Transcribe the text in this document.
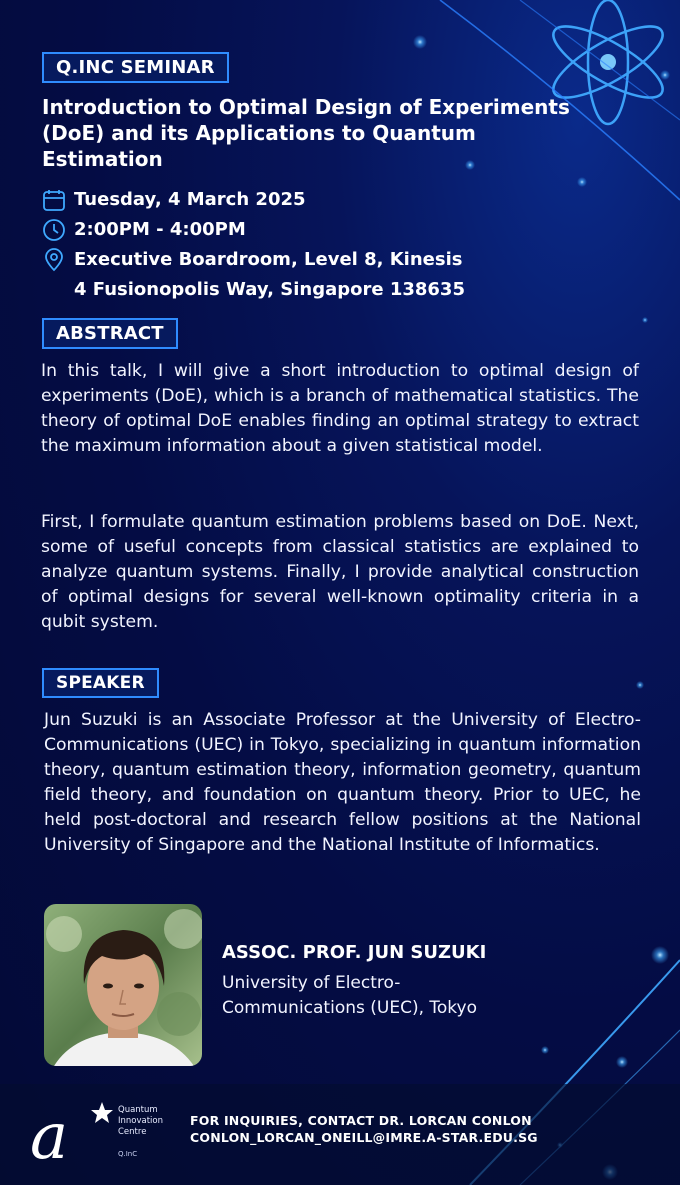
Q.INC SEMINAR
Introduction to Optimal Design of Experiments (DoE) and its Applications to Quantum Estimation
Tuesday, 4 March 2025
2:00PM - 4:00PM
Executive Boardroom, Level 8, Kinesis
4 Fusionopolis Way, Singapore 138635
ABSTRACT
In this talk, I will give a short introduction to optimal design of experiments (DoE), which is a branch of mathematical statistics. The theory of optimal DoE enables finding an optimal strategy to extract the maximum information about a given statistical model.
First, I formulate quantum estimation problems based on DoE. Next, some of useful concepts from classical statistics are explained to analyze quantum systems. Finally, I provide analytical construction of optimal designs for several well-known optimality criteria in a qubit system.
SPEAKER
Jun Suzuki is an Associate Professor at the University of Electro-Communications (UEC) in Tokyo, specializing in quantum information theory, quantum estimation theory, information geometry, quantum field theory, and foundation on quantum theory. Prior to UEC, he held post-doctoral and research fellow positions at the National University of Singapore and the National Institute of Informatics.
ASSOC. PROF. JUN SUZUKI
University of Electro-Communications (UEC), Tokyo
a	Quantum
Innovation
Centre
Q.InC
FOR INQUIRIES, CONTACT DR. LORCAN CONLON
CONLON_LORCAN_ONEILL@IMRE.A-STAR.EDU.SG
